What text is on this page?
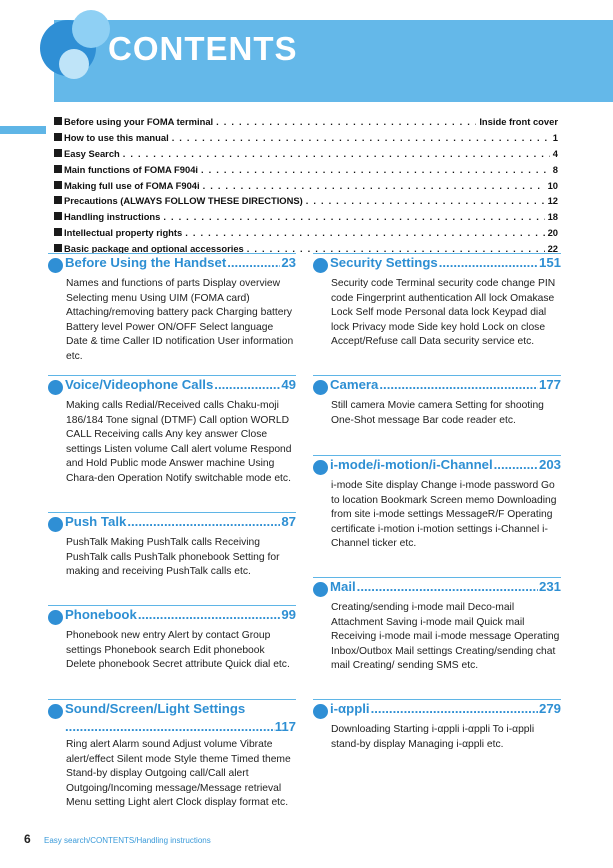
CONTENTS
Before using your FOMA terminal . . .	Inside front cover
How to use this manual . . .	1
Easy Search . . .	4
Main functions of FOMA F904i . . .	8
Making full use of FOMA F904i . . .	10
Precautions (ALWAYS FOLLOW THESE DIRECTIONS) . . .	12
Handling instructions . . .	18
Intellectual property rights . . .	20
Basic package and optional accessories . . .	22
Before Using the Handset .....	23
Names and functions of parts Display overview Selecting menu Using UIM (FOMA card) Attaching/removing battery pack Charging battery Battery level Power ON/OFF Select language Date & time Caller ID notification User information etc.
Voice/Videophone Calls .....	49
Making calls Redial/Received calls Chaku-moji 186/184 Tone signal (DTMF) Call option WORLD CALL Receiving calls Any key answer Close settings Listen volume Call alert volume Respond and Hold Public mode Answer machine Using Chara-den Operation Notify switchable mode etc.
Push Talk .....	87
PushTalk Making PushTalk calls Receiving PushTalk calls PushTalk phonebook Setting for making and receiving PushTalk calls etc.
Phonebook .....	99
Phonebook new entry Alert by contact Group settings Phonebook search Edit phonebook Delete phonebook Secret attribute Quick dial etc.
Sound/Screen/Light Settings
.....
117
Ring alert Alarm sound Adjust volume Vibrate alert/effect Silent mode Style theme Timed theme Stand-by display Outgoing call/Call alert Outgoing/Incoming message/Message retrieval Menu setting Light alert Clock display format etc.
Security Settings .....	151
Security code Terminal security code change PIN code Fingerprint authentication All lock Omakase Lock Self mode Personal data lock Keypad dial lock Privacy mode Side key hold Lock on close Accept/Refuse call Data security service etc.
Camera .....	177
Still camera Movie camera Setting for shooting One-Shot message Bar code reader etc.
i-mode/i-motion/i-Channel .....	203
i-mode Site display Change i-mode password Go to location Bookmark Screen memo Downloading from site i-mode settings MessageR/F Operating certificate i-motion i-motion settings i-Channel i-Channel ticker etc.
Mail .....	231
Creating/sending i-mode mail Deco-mail Attachment Saving i-mode mail Quick mail Receiving i-mode mail i-mode message Operating Inbox/Outbox Mail settings Creating/sending chat mail Creating/ sending SMS etc.
i-αppli .....	279
Downloading Starting i-αppli i-αppli To i-αppli stand-by display Managing i-αppli etc.
6 Easy search/CONTENTS/Handling instructions
